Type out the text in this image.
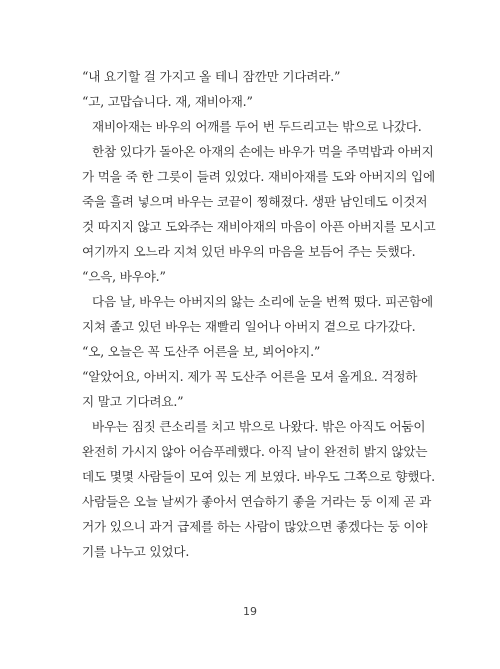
“내 요기할 걸 가지고 올 테니 잠깐만 기다려라.”
“고, 고맙습니다. 재, 재비아재.”
재비아재는 바우의 어깨를 두어 번 두드리고는 밖으로 나갔다.
한참 있다가 돌아온 아재의 손에는 바우가 먹을 주먹밥과 아버지
가 먹을 죽 한 그릇이 들려 있었다. 재비아재를 도와 아버지의 입에
죽을 흘려 넣으며 바우는 코끝이 찡해졌다. 생판 남인데도 이것저
것 따지지 않고 도와주는 재비아재의 마음이 아픈 아버지를 모시고
여기까지 오느라 지쳐 있던 바우의 마음을 보듬어 주는 듯했다.
“으윽, 바우야.”
다음 날, 바우는 아버지의 앓는 소리에 눈을 번쩍 떴다. 피곤함에
지쳐 졸고 있던 바우는 재빨리 일어나 아버지 곁으로 다가갔다.
“오, 오늘은 꼭 도산주 어른을 보, 뵈어야지.”
“알았어요, 아버지. 제가 꼭 도산주 어른을 모셔 올게요. 걱정하
지 말고 기다려요.”
바우는 짐짓 큰소리를 치고 밖으로 나왔다. 밖은 아직도 어둠이
완전히 가시지 않아 어슴푸레했다. 아직 날이 완전히 밝지 않았는
데도 몇몇 사람들이 모여 있는 게 보였다. 바우도 그쪽으로 향했다.
사람들은 오늘 날씨가 좋아서 연습하기 좋을 거라는 둥 이제 곧 과
거가 있으니 과거 급제를 하는 사람이 많았으면 좋겠다는 둥 이야
기를 나누고 있었다.
19
